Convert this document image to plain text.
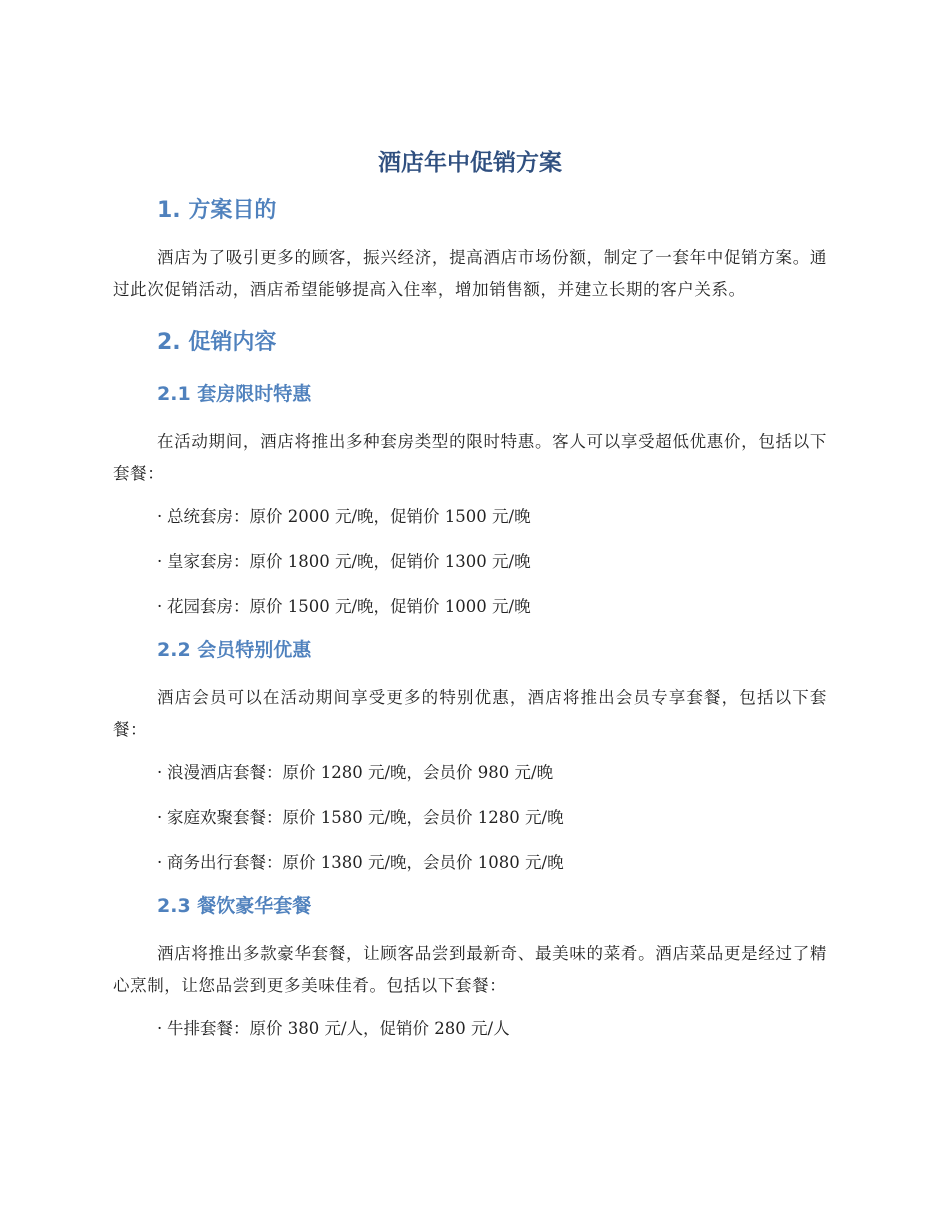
酒店年中促销方案
1. 方案目的

酒店为了吸引更多的顾客，振兴经济，提高酒店市场份额，制定了一套年中促销方案。通过此次促销活动，酒店希望能够提高入住率，增加销售额，并建立长期的客户关系。

2. 促销内容
2.1 套房限时特惠

在活动期间，酒店将推出多种套房类型的限时特惠。客人可以享受超低优惠价，包括以下套餐：

· 总统套房：原价 2000 元/晚，促销价 1500 元/晚
· 皇家套房：原价 1800 元/晚，促销价 1300 元/晚
· 花园套房：原价 1500 元/晚，促销价 1000 元/晚
2.2 会员特别优惠

酒店会员可以在活动期间享受更多的特别优惠，酒店将推出会员专享套餐，包括以下套餐：

· 浪漫酒店套餐：原价 1280 元/晚，会员价 980 元/晚
· 家庭欢聚套餐：原价 1580 元/晚，会员价 1280 元/晚
· 商务出行套餐：原价 1380 元/晚，会员价 1080 元/晚
2.3 餐饮豪华套餐

酒店将推出多款豪华套餐，让顾客品尝到最新奇、最美味的菜肴。酒店菜品更是经过了精心烹制，让您品尝到更多美味佳肴。包括以下套餐：

· 牛排套餐：原价 380 元/人，促销价 280 元/人
